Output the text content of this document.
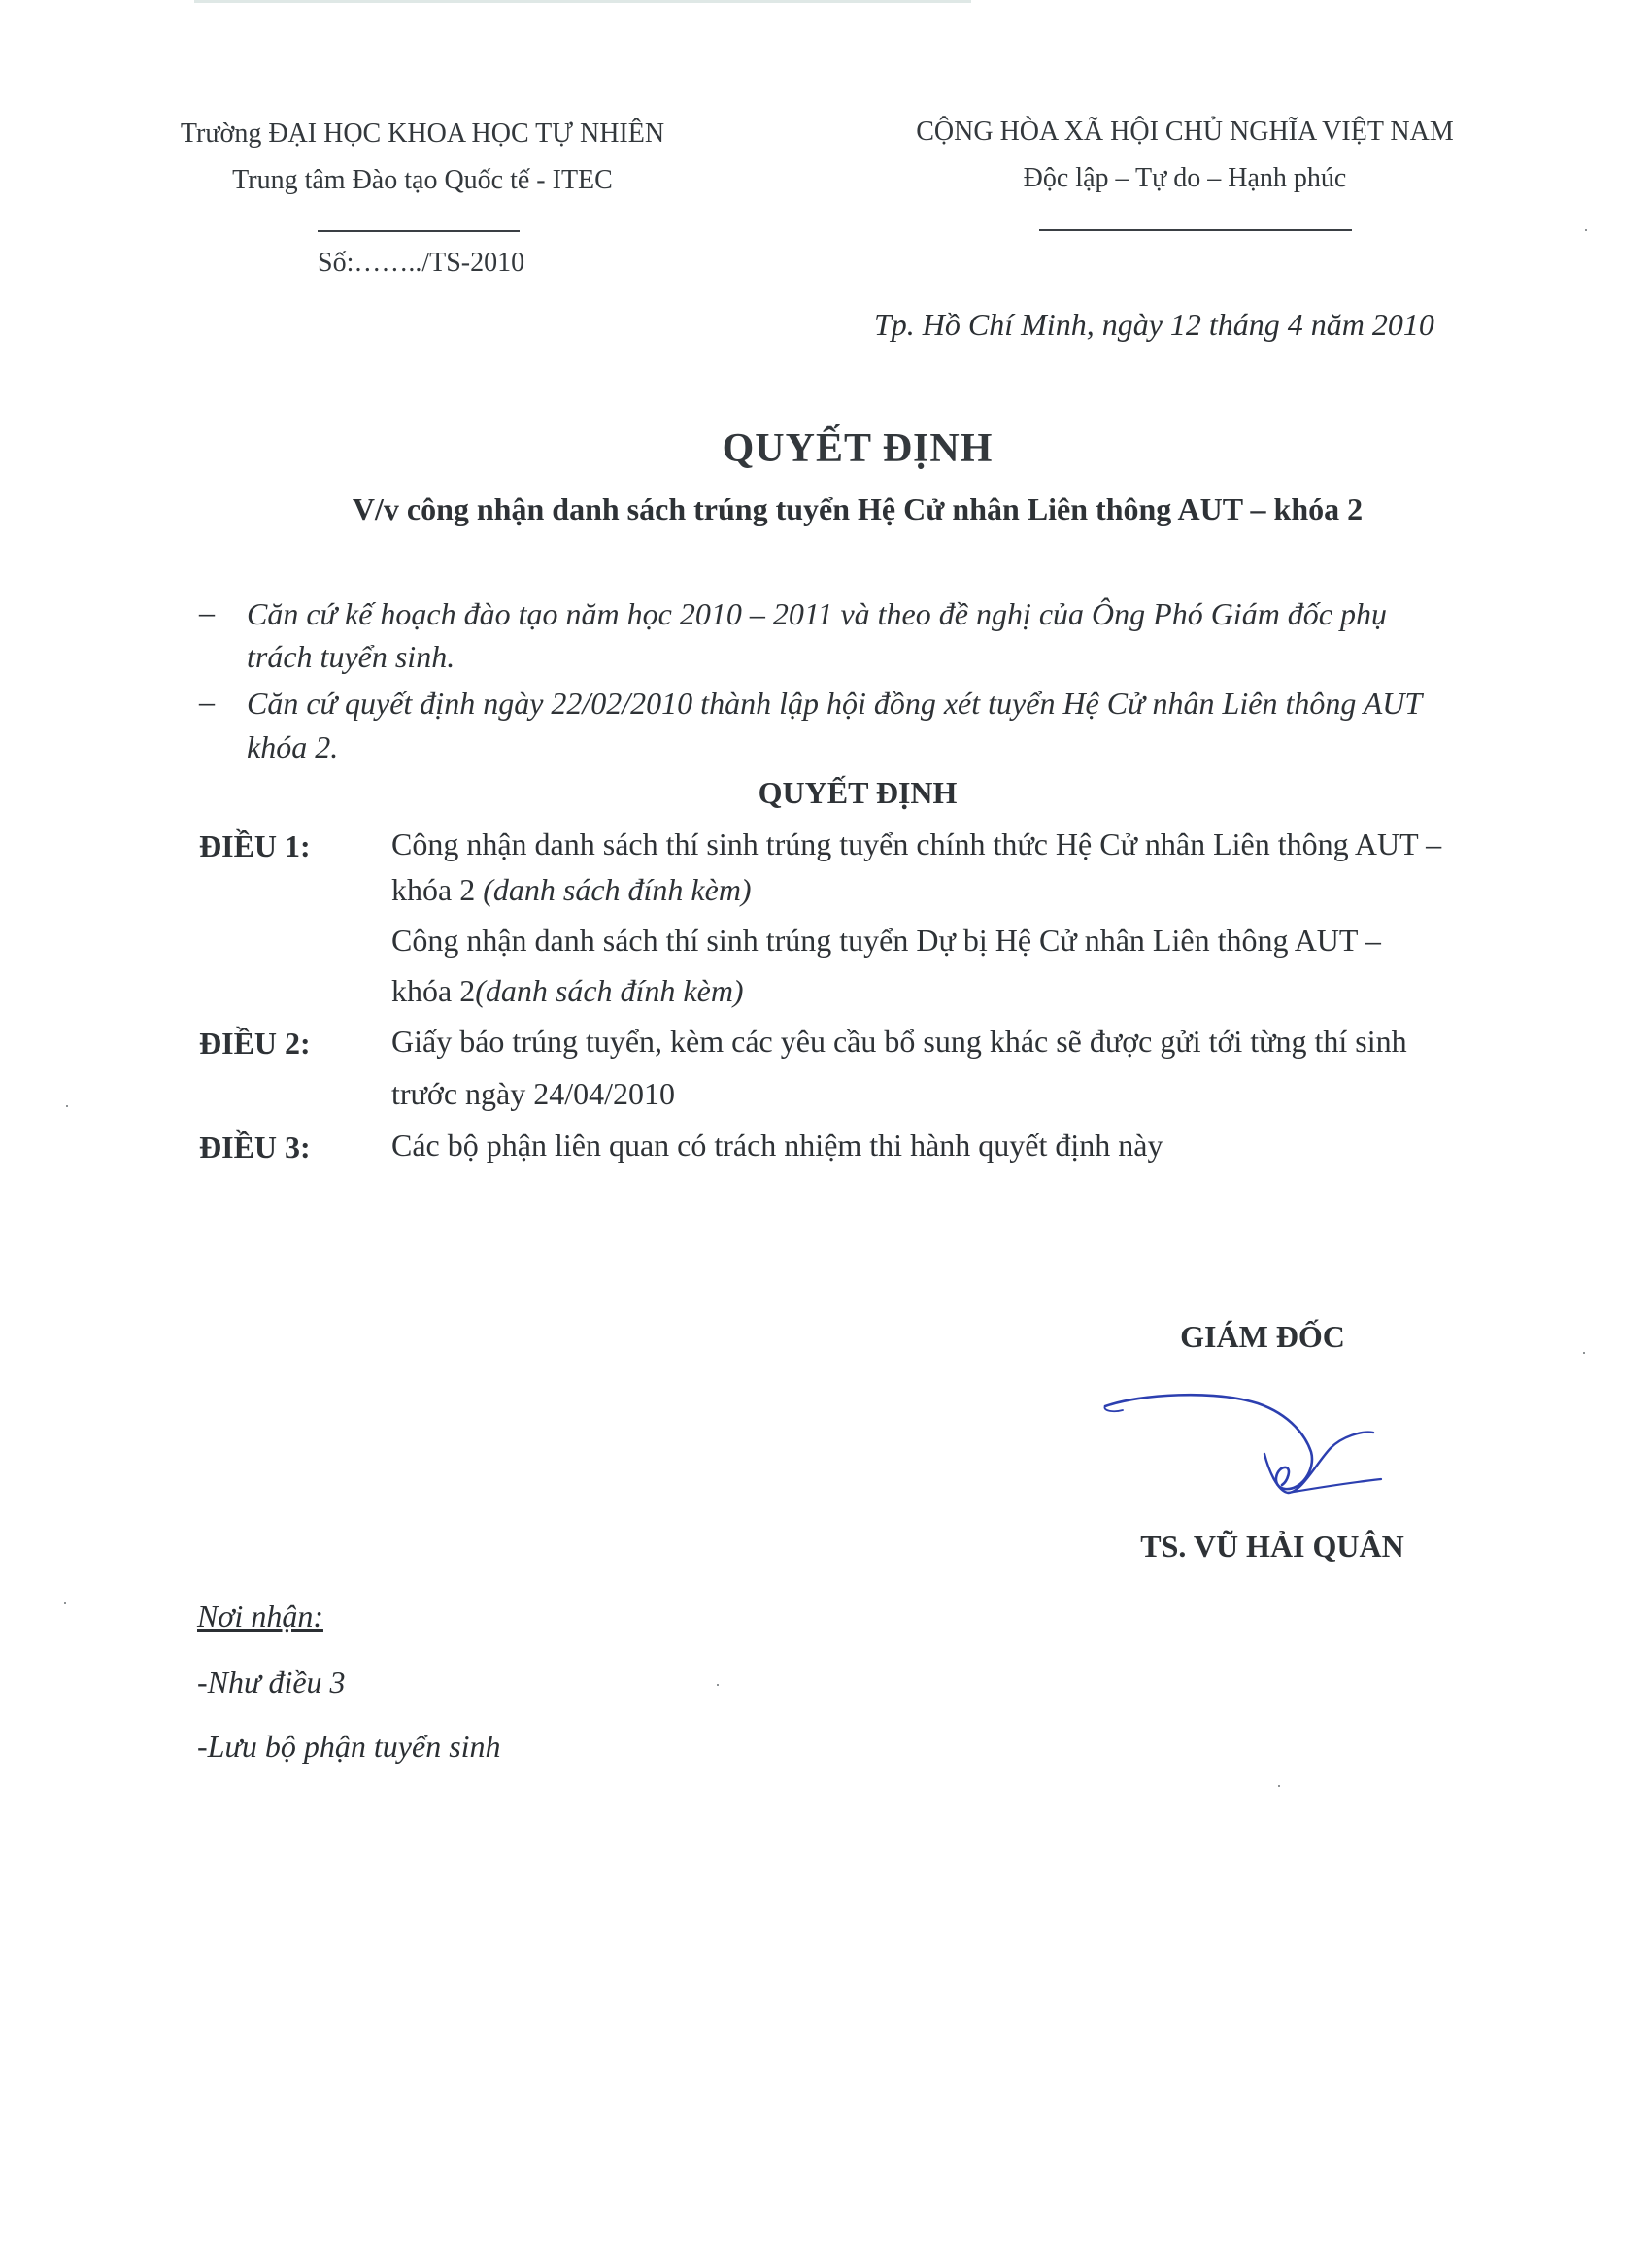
Trường ĐẠI HỌC KHOA HỌC TỰ NHIÊN
Trung tâm Đào tạo Quốc tế - ITEC
Số:……../TS-2010
CỘNG HÒA XÃ HỘI CHỦ NGHĨA VIỆT NAM
Độc lập – Tự do – Hạnh phúc
Tp. Hồ Chí Minh, ngày 12 tháng 4 năm 2010
QUYẾT ĐỊNH
V/v công nhận danh sách trúng tuyển Hệ Cử nhân Liên thông AUT – khóa 2
– Căn cứ kế hoạch đào tạo năm học 2010 – 2011 và theo đề nghị của Ông Phó Giám đốc phụ
trách tuyển sinh.
– Căn cứ quyết định ngày 22/02/2010 thành lập hội đồng xét tuyển Hệ Cử nhân Liên thông AUT
khóa 2.
QUYẾT ĐỊNH
ĐIỀU 1:	Công nhận danh sách thí sinh trúng tuyển chính thức Hệ Cử nhân Liên thông AUT –
khóa 2 (danh sách đính kèm)
Công nhận danh sách thí sinh trúng tuyển Dự bị Hệ Cử nhân Liên thông AUT –
khóa 2(danh sách đính kèm)
ĐIỀU 2:	Giấy báo trúng tuyển, kèm các yêu cầu bổ sung khác sẽ được gửi tới từng thí sinh
trước ngày 24/04/2010
ĐIỀU 3:	Các bộ phận liên quan có trách nhiệm thi hành quyết định này
GIÁM ĐỐC
TS. VŨ HẢI QUÂN
Nơi nhận:
-Như điều 3
-Lưu bộ phận tuyển sinh
